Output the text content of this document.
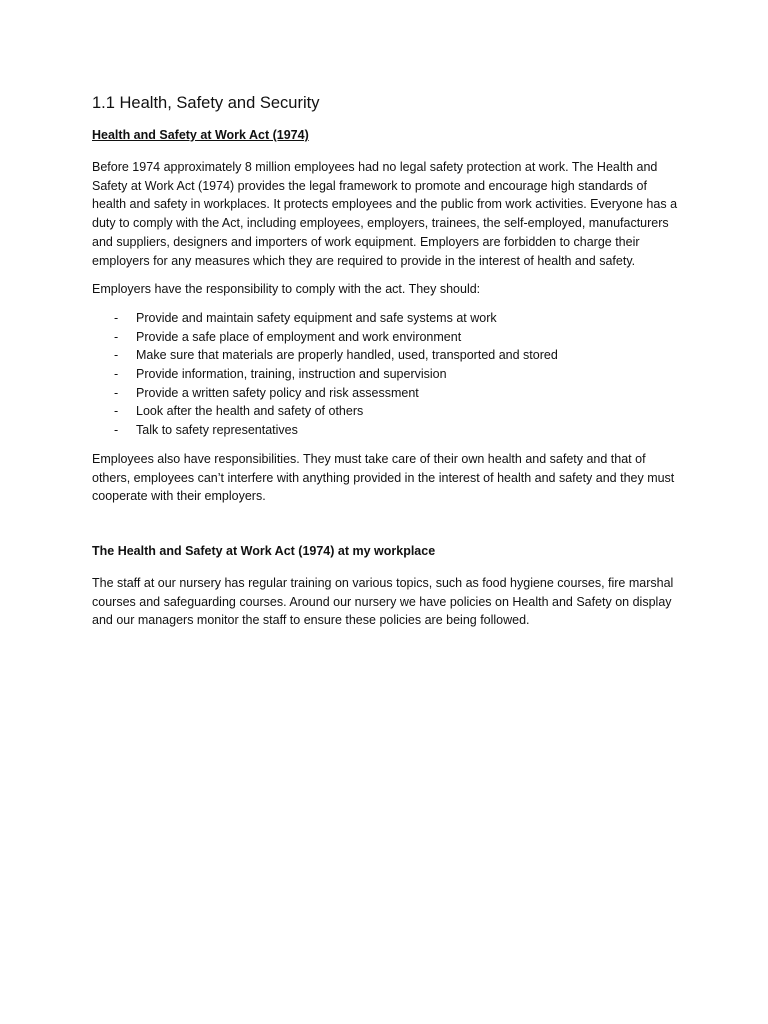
1.1 Health, Safety and Security
Health and Safety at Work Act (1974)

Before 1974 approximately 8 million employees had no legal safety protection at work. The Health and Safety at Work Act (1974) provides the legal framework to promote and encourage high standards of health and safety in workplaces. It protects employees and the public from work activities. Everyone has a duty to comply with the Act, including employees, employers, trainees, the self-employed, manufacturers and suppliers, designers and importers of work equipment. Employers are forbidden to charge their employers for any measures which they are required to provide in the interest of health and safety.

Employers have the responsibility to comply with the act. They should:

- Provide and maintain safety equipment and safe systems at work
- Provide a safe place of employment and work environment
- Make sure that materials are properly handled, used, transported and stored
- Provide information, training, instruction and supervision
- Provide a written safety policy and risk assessment
- Look after the health and safety of others
- Talk to safety representatives

Employees also have responsibilities. They must take care of their own health and safety and that of others, employees can’t interfere with anything provided in the interest of health and safety and they must cooperate with their employers.

The Health and Safety at Work Act (1974) at my workplace

The staff at our nursery has regular training on various topics, such as food hygiene courses, fire marshal courses and safeguarding courses. Around our nursery we have policies on Health and Safety on display and our managers monitor the staff to ensure these policies are being followed.
